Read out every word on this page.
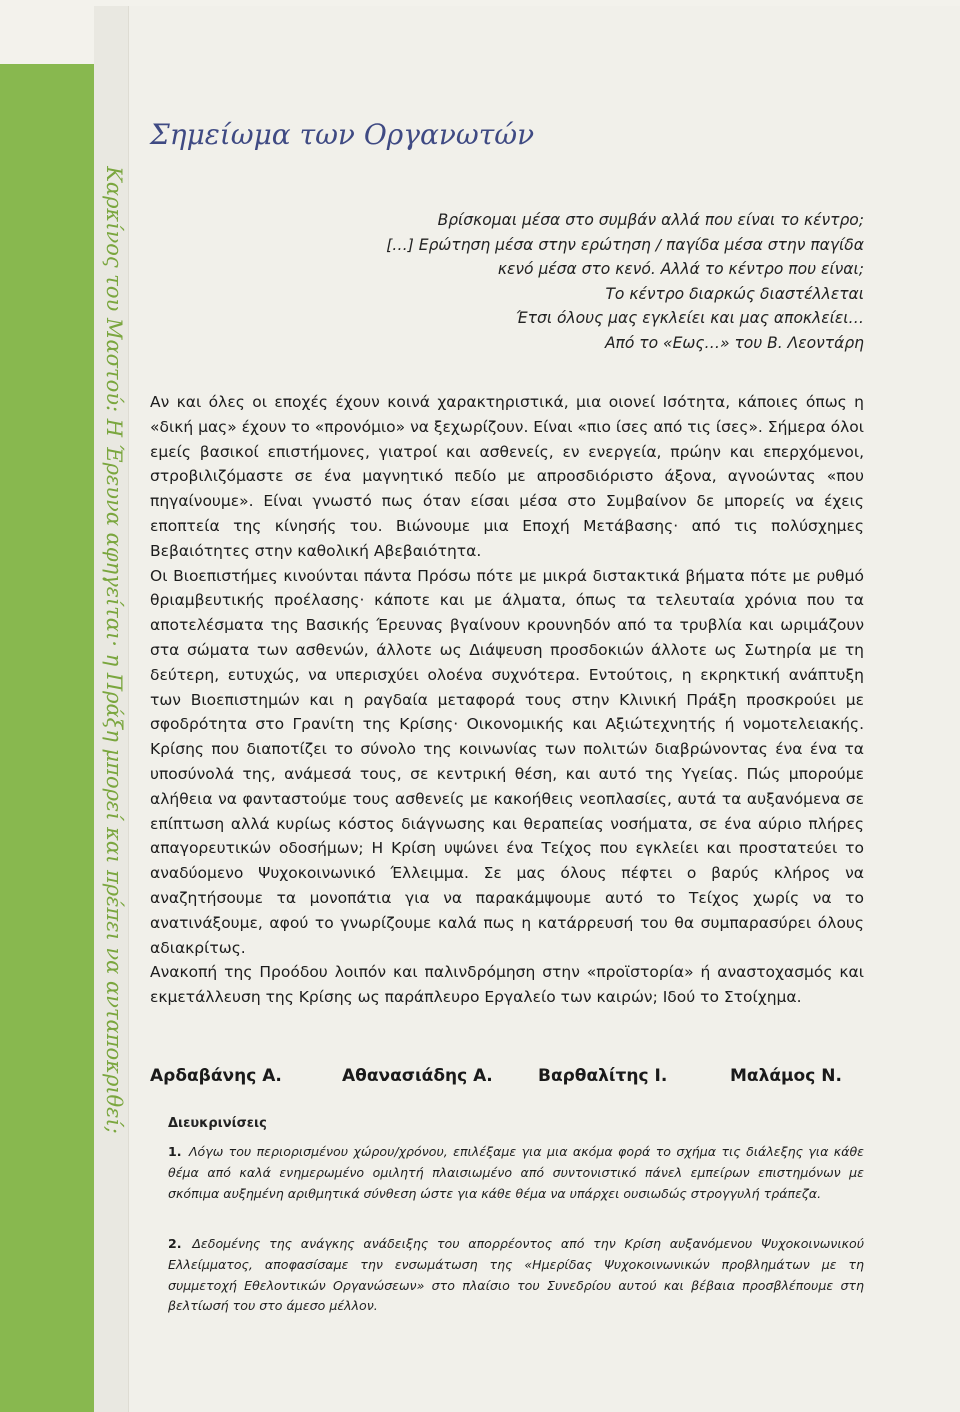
Καρκίνος του Μαστού: Η Έρευνα αφηγείται· η Πράξη μπορεί και πρέπει να ανταποκριθεί;
Σημείωμα των Οργανωτών
Βρίσκομαι μέσα στο συμβάν αλλά που είναι το κέντρο;
[…] Ερώτηση μέσα στην ερώτηση / παγίδα μέσα στην παγίδα
κενό μέσα στο κενό. Αλλά το κέντρο που είναι;
Το κέντρο διαρκώς διαστέλλεται
Έτσι όλους μας εγκλείει και μας αποκλείει…
Από το «Εως…» του Β. Λεοντάρη

Αν και όλες οι εποχές έχουν κοινά χαρακτηριστικά, μια οιονεί Ισότητα, κάποιες όπως η «δική μας» έχουν το «προνόμιο» να ξεχωρίζουν. Είναι «πιο ίσες από τις ίσες». Σήμερα όλοι εμείς βασικοί επιστήμονες, γιατροί και ασθενείς, εν ενεργεία, πρώην και επερχόμενοι, στροβιλιζόμαστε σε ένα μαγνητικό πεδίο με απροσδιόριστο άξονα, αγνοώντας «που πηγαίνουμε». Είναι γνωστό πως όταν είσαι μέσα στο Συμβαίνον δε μπορείς να έχεις εποπτεία της κίνησής του. Βιώνουμε μια Εποχή Μετάβασης· από τις πολύσχημες Βεβαιότητες στην καθολική Αβεβαιότητα.

Οι Βιοεπιστήμες κινούνται πάντα Πρόσω πότε με μικρά διστακτικά βήματα πότε με ρυθμό θριαμβευτικής προέλασης· κάποτε και με άλματα, όπως τα τελευταία χρόνια που τα αποτελέσματα της Βασικής Έρευνας βγαίνουν κρουνηδόν από τα τρυβλία και ωριμάζουν στα σώματα των ασθενών, άλλοτε ως Διάψευση προσδοκιών άλλοτε ως Σωτηρία με τη δεύτερη, ευτυχώς, να υπερισχύει ολοένα συχνότερα. Εντούτοις, η εκρηκτική ανάπτυξη των Βιοεπιστημών και η ραγδαία μεταφορά τους στην Κλινική Πράξη προσκρούει με σφοδρότητα στο Γρανίτη της Κρίσης· Οικονομικής και Αξιώτεχνητής ή νομοτελειακής. Κρίσης που διαποτίζει το σύνολο της κοινωνίας των πολιτών διαβρώνοντας ένα ένα τα υποσύνολά της, ανάμεσά τους, σε κεντρική θέση, και αυτό της Υγείας. Πώς μπορούμε αλήθεια να φανταστούμε τους ασθενείς με κακοήθεις νεοπλασίες, αυτά τα αυξανόμενα σε επίπτωση αλλά κυρίως κόστος διάγνωσης και θεραπείας νοσήματα, σε ένα αύριο πλήρες απαγορευτικών οδοσήμων; Η Κρίση υψώνει ένα Τείχος που εγκλείει και προστατεύει το αναδύομενο Ψυχοκοινωνικό Έλλειμμα. Σε μας όλους πέφτει ο βαρύς κλήρος να αναζητήσουμε τα μονοπάτια για να παρακάμψουμε αυτό το Τείχος χωρίς να το ανατινάξουμε, αφού το γνωρίζουμε καλά πως η κατάρρευσή του θα συμπαρασύρει όλους αδιακρίτως.

Ανακοπή της Προόδου λοιπόν και παλινδρόμηση στην «προϊστορία» ή αναστοχασμός και εκμετάλλευση της Κρίσης ως παράπλευρο Εργαλείο των καιρών; Ιδού το Στοίχημα.

Αρδαβάνης Α.	Αθανασιάδης Α.	Βαρθαλίτης Ι.	Μαλάμος Ν.
Διευκρινίσεις
1. Λόγω του περιορισμένου χώρου/χρόνου, επιλέξαμε για μια ακόμα φορά το σχήμα τις διάλεξης για κάθε θέμα από καλά ενημερωμένο ομιλητή πλαισιωμένο από συντονιστικό πάνελ εμπείρων επιστημόνων με σκόπιμα αυξημένη αριθμητικά σύνθεση ώστε για κάθε θέμα να υπάρχει ουσιωδώς στρογγυλή τράπεζα.
2. Δεδομένης της ανάγκης ανάδειξης του απορρέοντος από την Κρίση αυξανόμενου Ψυχοκοινωνικού Ελλείμματος, αποφασίσαμε την ενσωμάτωση της «Ημερίδας Ψυχοκοινωνικών προβλημάτων με τη συμμετοχή Εθελοντικών Οργανώσεων» στο πλαίσιο του Συνεδρίου αυτού και βέβαια προσβλέπουμε στη βελτίωσή του στο άμεσο μέλλον.
